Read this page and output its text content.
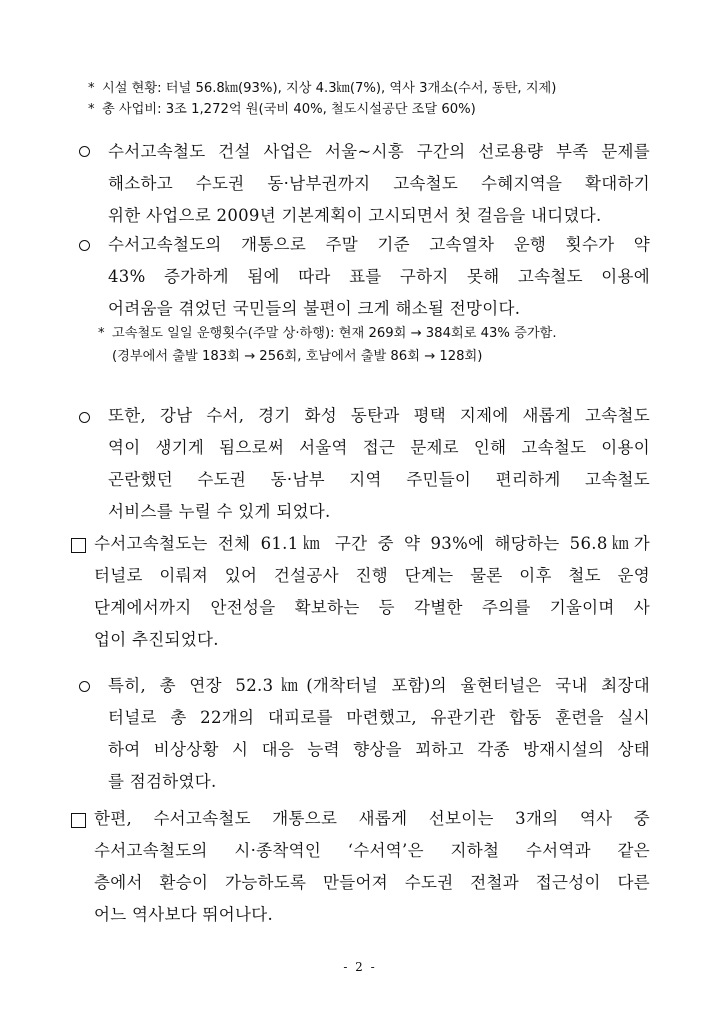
* 시설 현황: 터널 56.8㎞(93%), 지상 4.3㎞(7%), 역사 3개소(수서, 동탄, 지제)
* 총 사업비: 3조 1,272억 원(국비 40%, 철도시설공단 조달 60%)
수서고속철도 건설 사업은 서울~시흥 구간의 선로용량 부족 문제를
해소하고 수도권 동·남부권까지 고속철도 수혜지역을 확대하기
위한 사업으로 2009년 기본계획이 고시되면서 첫 걸음을 내디뎠다.
수서고속철도의 개통으로 주말 기준 고속열차 운행 횟수가 약
43% 증가하게 됨에 따라 표를 구하지 못해 고속철도 이용에
어려움을 겪었던 국민들의 불편이 크게 해소될 전망이다.
* 고속철도 일일 운행횟수(주말 상·하행): 현재 269회 → 384회로 43% 증가함.
(경부에서 출발 183회 → 256회, 호남에서 출발 86회 → 128회)
또한, 강남 수서, 경기 화성 동탄과 평택 지제에 새롭게 고속철도
역이 생기게 됨으로써 서울역 접근 문제로 인해 고속철도 이용이
곤란했던 수도권 동·남부 지역 주민들이 편리하게 고속철도
서비스를 누릴 수 있게 되었다.
수서고속철도는 전체 61.1㎞ 구간 중 약 93%에 해당하는 56.8㎞가
터널로 이뤄져 있어 건설공사 진행 단계는 물론 이후 철도 운영
단계에서까지 안전성을 확보하는 등 각별한 주의를 기울이며 사
업이 추진되었다.
특히, 총 연장 52.3㎞(개착터널 포함)의 율현터널은 국내 최장대
터널로 총 22개의 대피로를 마련했고, 유관기관 합동 훈련을 실시
하여 비상상황 시 대응 능력 향상을 꾀하고 각종 방재시설의 상태
를 점검하였다.
한편, 수서고속철도 개통으로 새롭게 선보이는 3개의 역사 중
수서고속철도의 시·종착역인 ‘수서역’은 지하철 수서역과 같은
층에서 환승이 가능하도록 만들어져 수도권 전철과 접근성이 다른
어느 역사보다 뛰어나다.
- 2 -
